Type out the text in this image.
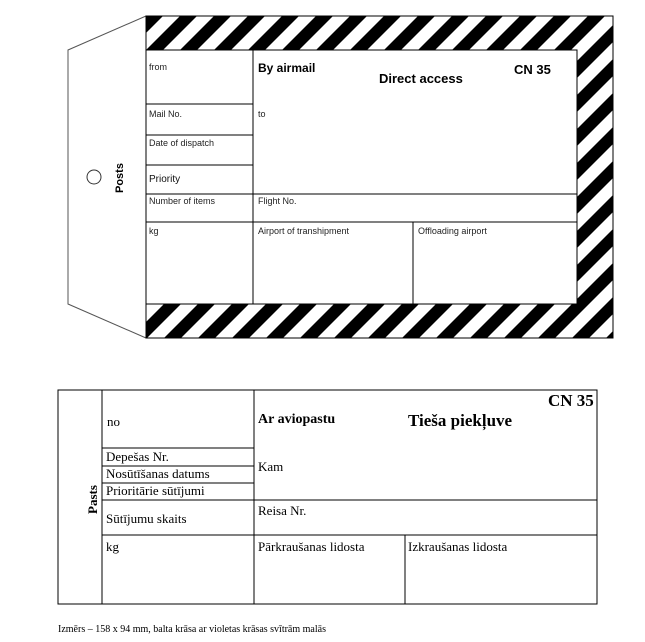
Posts
from	By airmail
Direct access
CN 35
Mail No.	to
Date of dispatch
Priority
Number of items	Flight No.
kg	Airport of transhipment	Offloading airport
Pasts
CN 35
no	Ar aviopastu	Tieša piekļuve
Depešas Nr.
Kam
Nosūtīšanas datums
Prioritārie sūtījumi
Sūtījumu skaits
Reisa Nr.
kg	Pārkraušanas lidosta	Izkraušanas lidosta
Izmērs – 158 x 94 mm, balta krāsa ar violetas krāsas svītrām malās
